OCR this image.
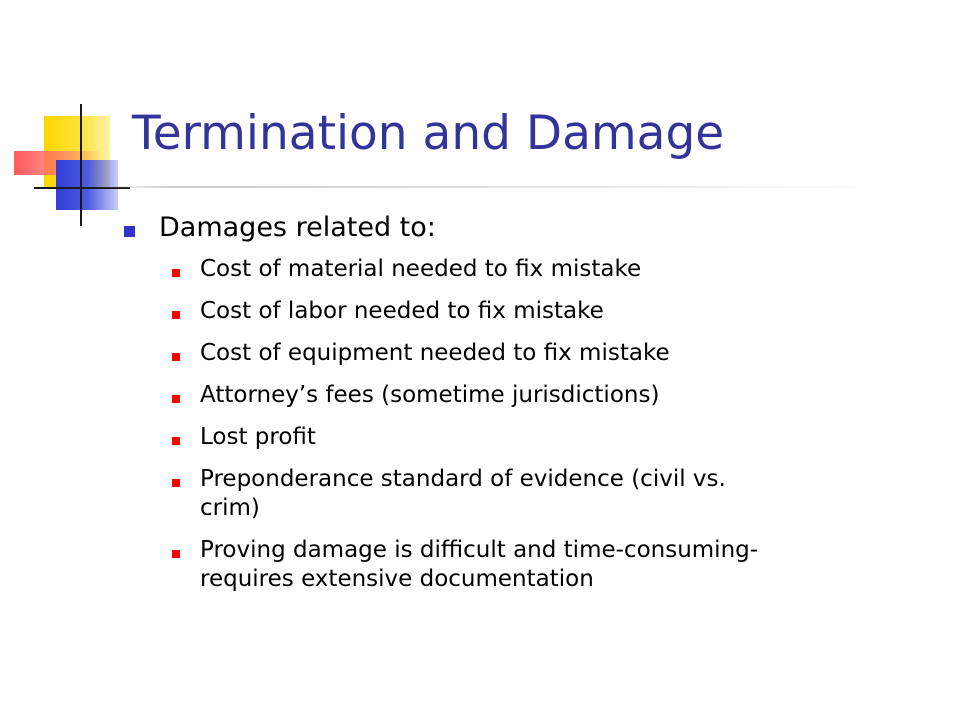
Termination and Damage
Damages related to:
Cost of material needed to fix mistake
Cost of labor needed to fix mistake
Cost of equipment needed to fix mistake
Attorney’s fees (sometime jurisdictions)
Lost profit
Preponderance standard of evidence (civil vs.
crim)
Proving damage is difficult and time-consuming-
requires extensive documentation
